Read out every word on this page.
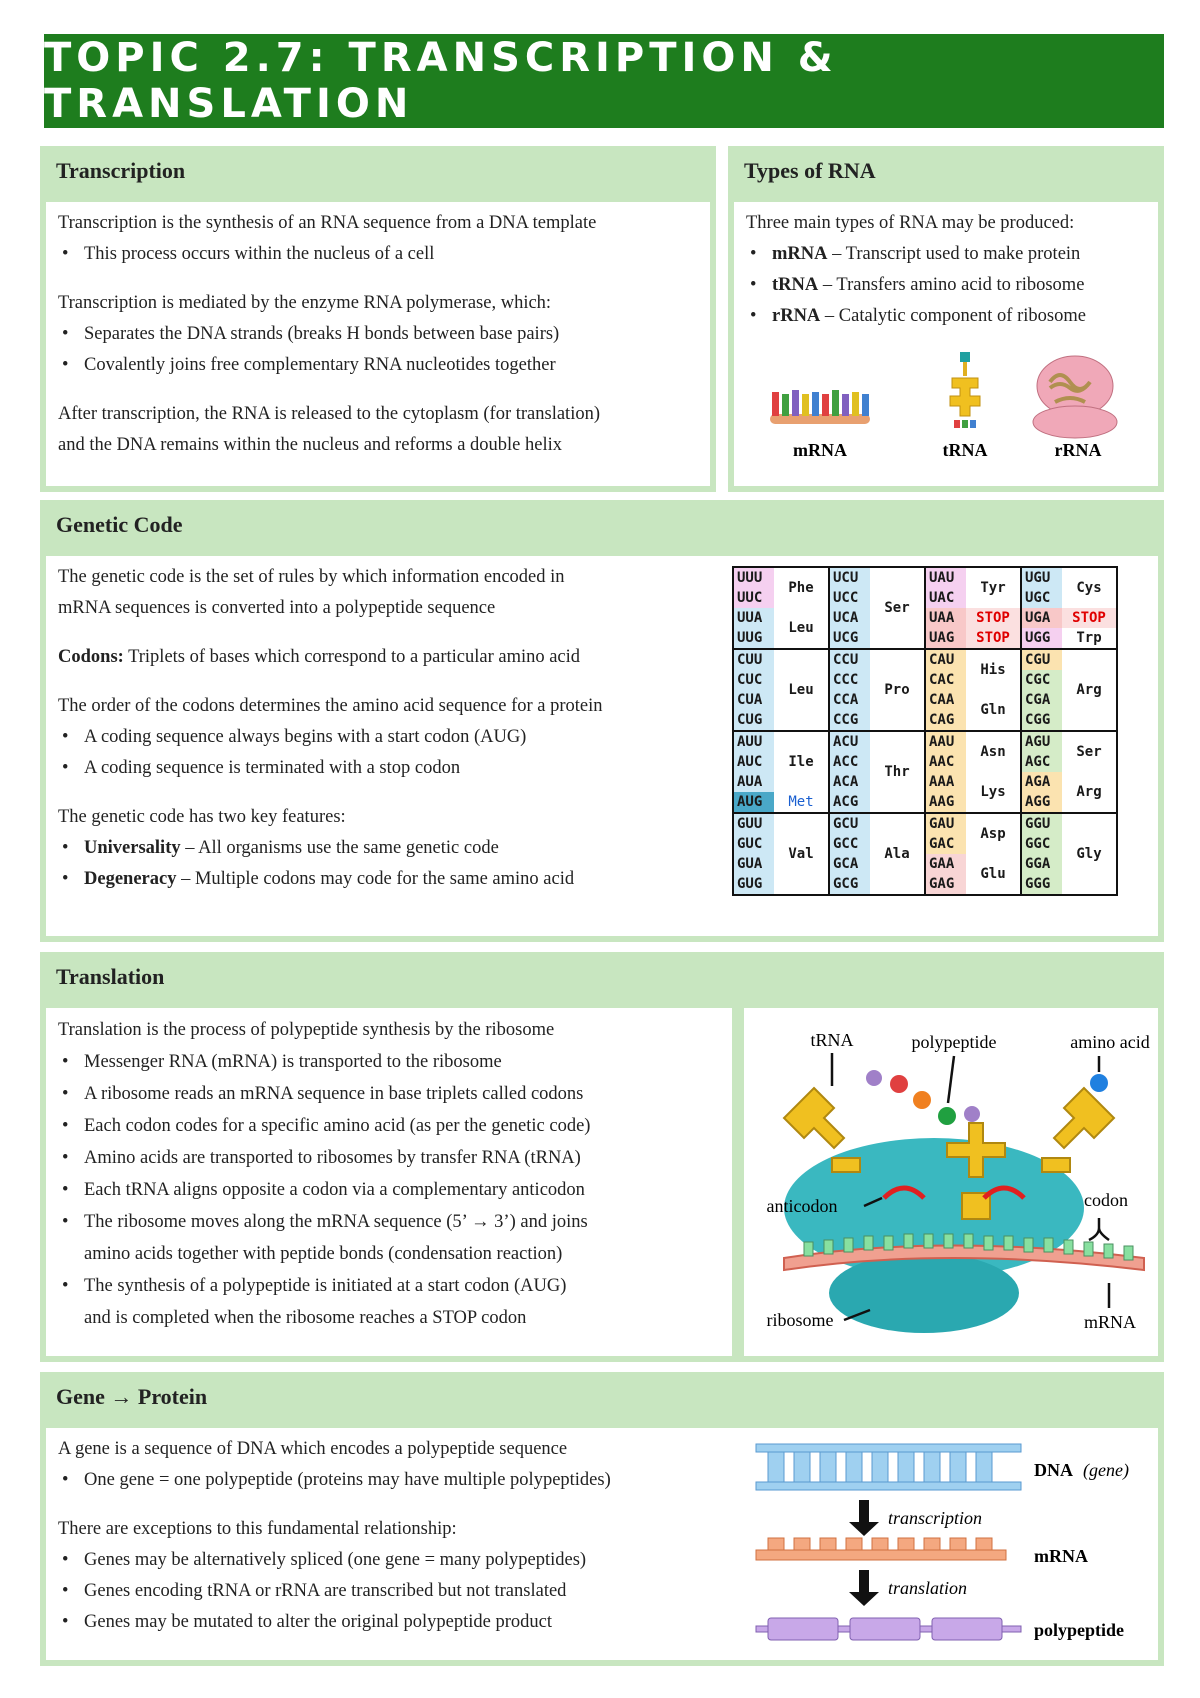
TOPIC 2.7: TRANSCRIPTION & TRANSLATION
Transcription

Transcription is the synthesis of an RNA sequence from a DNA template

• This process occurs within the nucleus of a cell

Transcription is mediated by the enzyme RNA polymerase, which:

• Separates the DNA strands (breaks H bonds between base pairs)
• Covalently joins free complementary RNA nucleotides together

After transcription, the RNA is released to the cytoplasm (for translation)

and the DNA remains within the nucleus and reforms a double helix

Types of RNA

Three main types of RNA may be produced:

• mRNA – Transcript used to make protein
• tRNA – Transfers amino acid to ribosome
• rRNA – Catalytic component of ribosome
mRNA	tRNA	rRNA
Genetic Code

The genetic code is the set of rules by which information encoded in

mRNA sequences is converted into a polypeptide sequence

Codons: Triplets of bases which correspond to a particular amino acid

The order of the codons determines the amino acid sequence for a protein

• A coding sequence always begins with a start codon (AUG)
• A coding sequence is terminated with a stop codon

The genetic code has two key features:

• Universality – All organisms use the same genetic code
• Degeneracy – Multiple codons may code for the same amino acid
UUU	Phe	UCU	Ser	UAU	Tyr	UGU	Cys
UUC		UCC		UAC		UGC	
UUA	Leu	UCA		UAA	STOP	UGA	STOP
UUG		UCG		UAG	STOP	UGG	Trp
CUU	Leu	CCU	Pro	CAU	His	CGU	Arg
CUC		CCC		CAC		CGC	
CUA		CCA		CAA	Gln	CGA	
CUG		CCG		CAG		CGG	
AUU	Ile	ACU	Thr	AAU	Asn	AGU	Ser
AUC		ACC		AAC		AGC	
AUA		ACA		AAA	Lys	AGA	Arg
AUG	Met	ACG		AAG		AGG	
GUU	Val	GCU	Ala	GAU	Asp	GGU	Gly
GUC		GCC		GAC		GGC	
GUA		GCA		GAA	Glu	GGA	
GUG		GCG		GAG		GGG	
Translation

Translation is the process of polypeptide synthesis by the ribosome

• Messenger RNA (mRNA) is transported to the ribosome
• A ribosome reads an mRNA sequence in base triplets called codons
• Each codon codes for a specific amino acid (as per the genetic code)
• Amino acids are transported to ribosomes by transfer RNA (tRNA)
• Each tRNA aligns opposite a codon via a complementary anticodon
• The ribosome moves along the mRNA sequence (5’ → 3’) and joins
amino acids together with peptide bonds (condensation reaction)
• The synthesis of a polypeptide is initiated at a start codon (AUG)
and is completed when the ribosome reaches a STOP codon
tRNA	polypeptide	amino acid
anticodon	codon
ribosome	mRNA
Gene → Protein

A gene is a sequence of DNA which encodes a polypeptide sequence

• One gene = one polypeptide (proteins may have multiple polypeptides)

There are exceptions to this fundamental relationship:

• Genes may be alternatively spliced (one gene = many polypeptides)
• Genes encoding tRNA or rRNA are transcribed but not translated
• Genes may be mutated to alter the original polypeptide product
DNA (gene)
transcription
mRNA
translation
polypeptide
